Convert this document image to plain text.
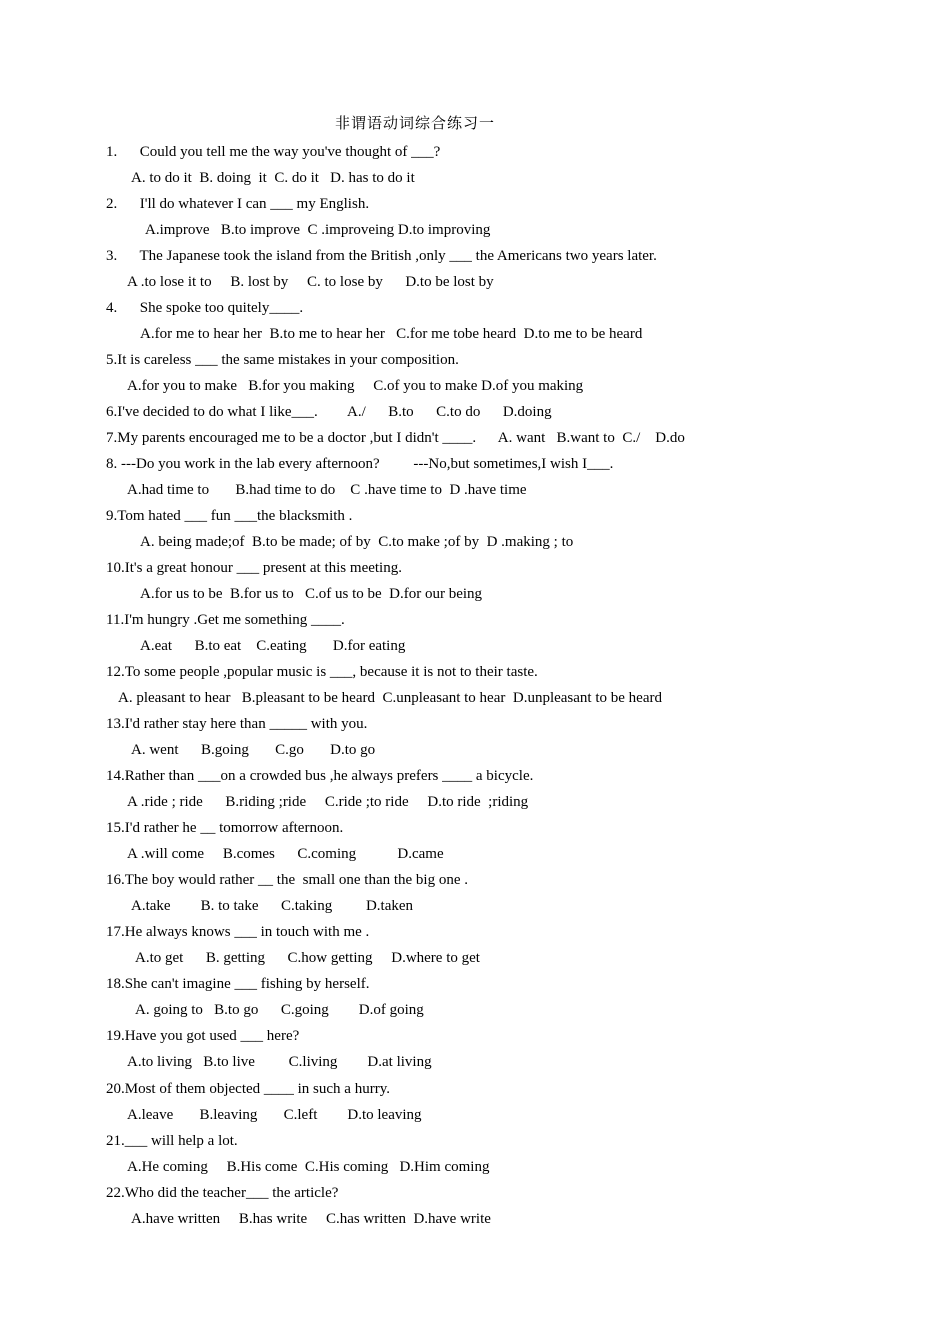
非谓语动词综合练习一
1.      Could you tell me the way you've thought of ___?
A. to do it  B. doing  it  C. do it   D. has to do it
2.      I'll do whatever I can ___ my English.
A.improve   B.to improve  C .improveing D.to improving
3.      The Japanese took the island from the British ,only ___ the Americans two years later.
A .to lose it to     B. lost by     C. to lose by      D.to be lost by
4.      She spoke too quitely____.
A.for me to hear her  B.to me to hear her   C.for me tobe heard  D.to me to be heard
5.It is careless ___ the same mistakes in your composition.
A.for you to make   B.for you making     C.of you to make D.of you making
6.I've decided to do what I like___.        A./      B.to      C.to do      D.doing
7.My parents encouraged me to be a doctor ,but I didn't ____.      A. want   B.want to  C./    D.do
8. ---Do you work in the lab every afternoon?         ---No,but sometimes,I wish I___.
A.had time to       B.had time to do    C .have time to  D .have time
9.Tom hated ___ fun ___the blacksmith .
A. being made;of  B.to be made; of by  C.to make ;of by  D .making ; to
10.It's a great honour ___ present at this meeting.
A.for us to be  B.for us to   C.of us to be  D.for our being
11.I'm hungry .Get me something ____.
A.eat      B.to eat    C.eating       D.for eating
12.To some people ,popular music is ___, because it is not to their taste.
A. pleasant to hear   B.pleasant to be heard  C.unpleasant to hear  D.unpleasant to be heard
13.I'd rather stay here than _____ with you.
A. went      B.going       C.go       D.to go
14.Rather than ___on a crowded bus ,he always prefers ____ a bicycle.
A .ride ; ride      B.riding ;ride     C.ride ;to ride     D.to ride  ;riding
15.I'd rather he __ tomorrow afternoon.
A .will come     B.comes      C.coming           D.came
16.The boy would rather __ the  small one than the big one .
A.take        B. to take      C.taking         D.taken
17.He always knows ___ in touch with me .
A.to get      B. getting      C.how getting     D.where to get
18.She can't imagine ___ fishing by herself.
A. going to   B.to go      C.going        D.of going
19.Have you got used ___ here?
A.to living   B.to live         C.living        D.at living
20.Most of them objected ____ in such a hurry.
A.leave       B.leaving       C.left        D.to leaving
21.___ will help a lot.
A.He coming     B.His come  C.His coming   D.Him coming
22.Who did the teacher___ the article?
A.have written     B.has write     C.has written  D.have write
